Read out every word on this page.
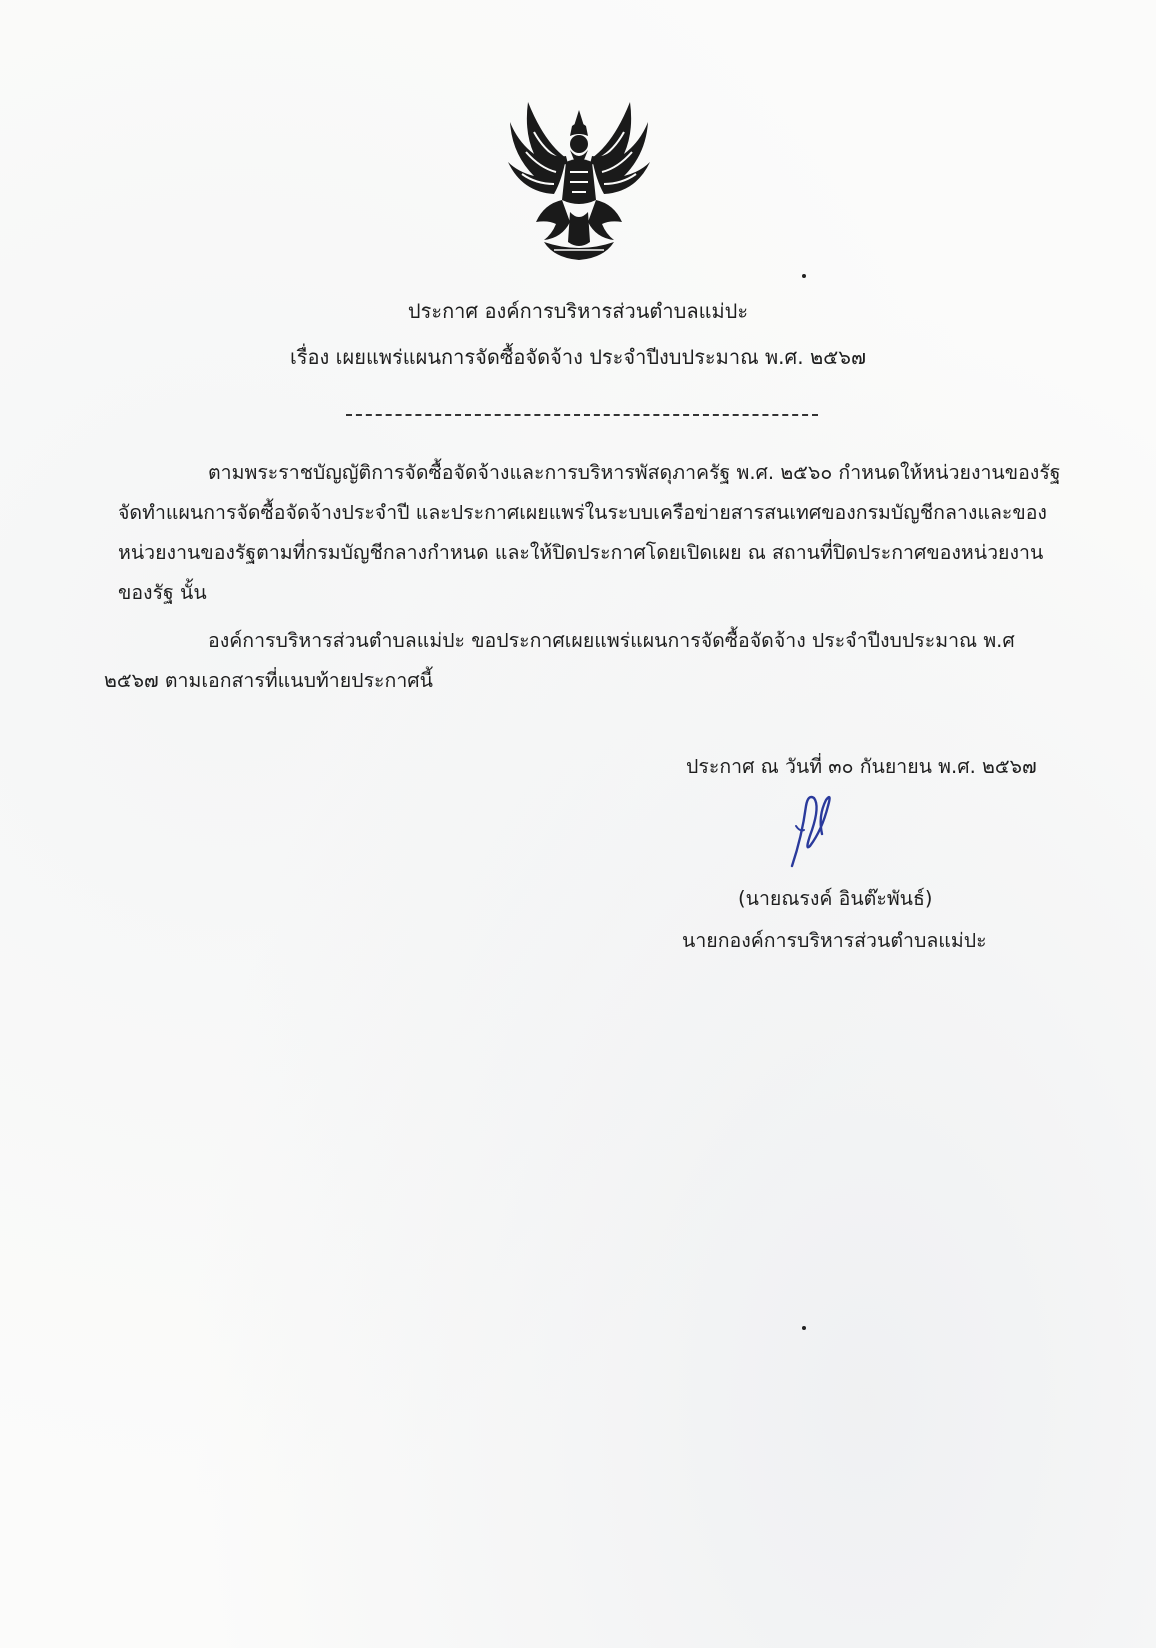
ประกาศ องค์การบริหารส่วนตำบลแม่ปะ
เรื่อง เผยแพร่แผนการจัดซื้อจัดจ้าง ประจำปีงบประมาณ พ.ศ. ๒๕๖๗
ตามพระราชบัญญัติการจัดซื้อจัดจ้างและการบริหารพัสดุภาครัฐ พ.ศ. ๒๕๖๐ กำหนดให้หน่วยงานของรัฐ
จัดทำแผนการจัดซื้อจัดจ้างประจำปี และประกาศเผยแพร่ในระบบเครือข่ายสารสนเทศของกรมบัญชีกลางและของ
หน่วยงานของรัฐตามที่กรมบัญชีกลางกำหนด และให้ปิดประกาศโดยเปิดเผย ณ สถานที่ปิดประกาศของหน่วยงาน
ของรัฐ นั้น
องค์การบริหารส่วนตำบลแม่ปะ ขอประกาศเผยแพร่แผนการจัดซื้อจัดจ้าง ประจำปีงบประมาณ พ.ศ
๒๕๖๗ ตามเอกสารที่แนบท้ายประกาศนี้
ประกาศ ณ วันที่ ๓๐ กันยายน พ.ศ. ๒๕๖๗
(นายณรงค์ อินต๊ะพันธ์)
นายกองค์การบริหารส่วนตำบลแม่ปะ
